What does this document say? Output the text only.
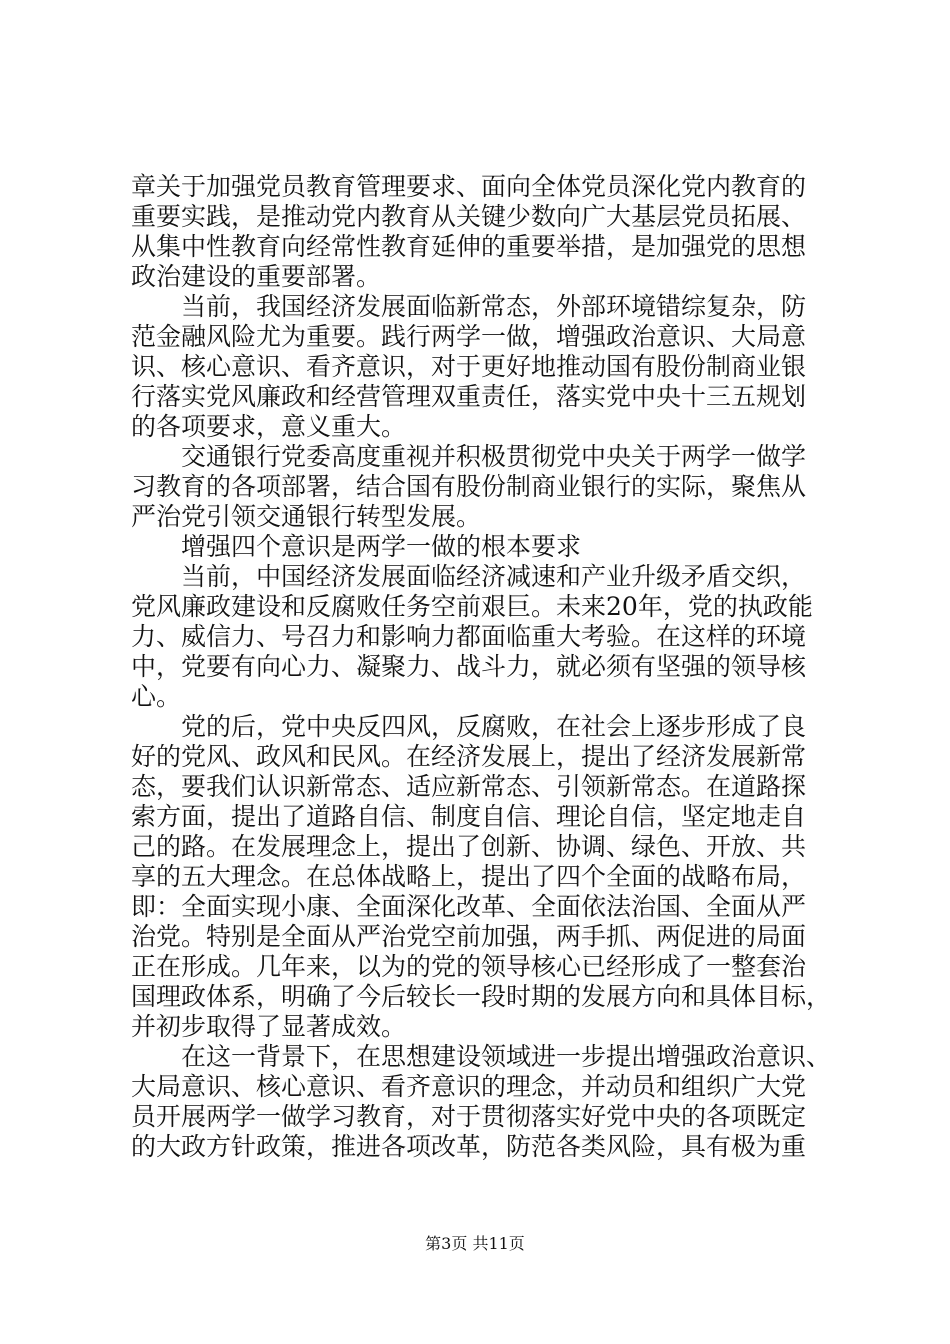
章关于加强党员教育管理要求、面向全体党员深化党内教育的
重要实践，是推动党内教育从关键少数向广大基层党员拓展、
从集中性教育向经常性教育延伸的重要举措，是加强党的思想
政治建设的重要部署。
　　当前，我国经济发展面临新常态，外部环境错综复杂，防
范金融风险尤为重要。践行两学一做，增强政治意识、大局意
识、核心意识、看齐意识，对于更好地推动国有股份制商业银
行落实党风廉政和经营管理双重责任，落实党中央十三五规划
的各项要求，意义重大。
　　交通银行党委高度重视并积极贯彻党中央关于两学一做学
习教育的各项部署，结合国有股份制商业银行的实际，聚焦从
严治党引领交通银行转型发展。
　　增强四个意识是两学一做的根本要求
　　当前，中国经济发展面临经济减速和产业升级矛盾交织，
党风廉政建设和反腐败任务空前艰巨。未来20年，党的执政能
力、威信力、号召力和影响力都面临重大考验。在这样的环境
中，党要有向心力、凝聚力、战斗力，就必须有坚强的领导核
心。
　　党的后，党中央反四风，反腐败，在社会上逐步形成了良
好的党风、政风和民风。在经济发展上，提出了经济发展新常
态，要我们认识新常态、适应新常态、引领新常态。在道路探
索方面，提出了道路自信、制度自信、理论自信，坚定地走自
己的路。在发展理念上，提出了创新、协调、绿色、开放、共
享的五大理念。在总体战略上，提出了四个全面的战略布局，
即：全面实现小康、全面深化改革、全面依法治国、全面从严
治党。特别是全面从严治党空前加强，两手抓、两促进的局面
正在形成。几年来，以为的党的领导核心已经形成了一整套治
国理政体系，明确了今后较长一段时期的发展方向和具体目标，
并初步取得了显著成效。
　　在这一背景下，在思想建设领域进一步提出增强政治意识、
大局意识、核心意识、看齐意识的理念，并动员和组织广大党
员开展两学一做学习教育，对于贯彻落实好党中央的各项既定
的大政方针政策，推进各项改革，防范各类风险，具有极为重
第3页 共11页
